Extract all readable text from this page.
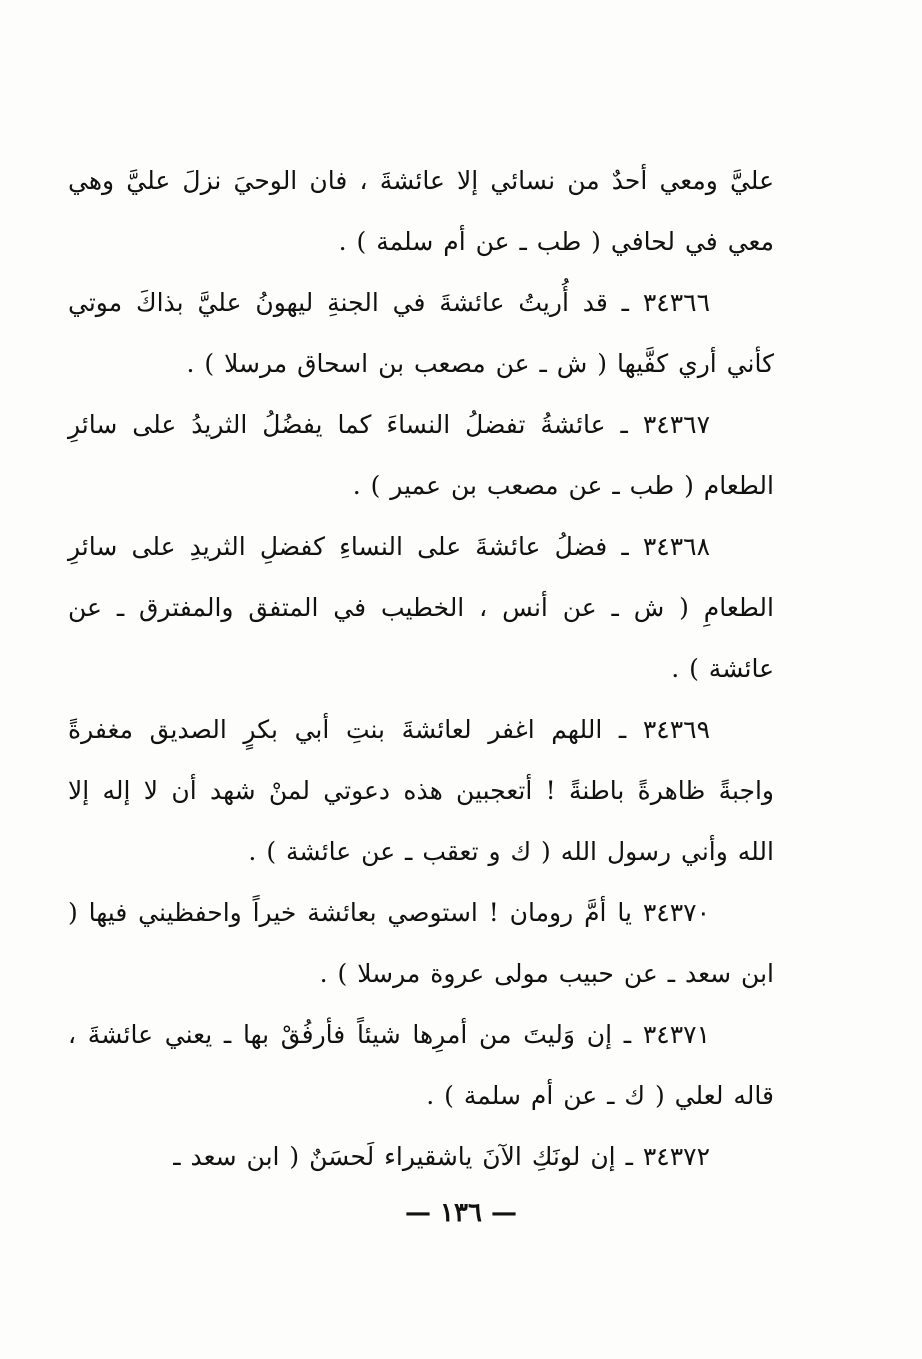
عليَّ ومعي أحدٌ من نسائي إلا عائشةَ ، فان الوحيَ نزلَ عليَّ وهي معي في لحافي ( طب ـ عن أم سلمة ) .

٣٤٣٦٦ ـ قد أُريتُ عائشةَ في الجنةِ ليهونُ عليَّ بذاكَ موتي كأني أري كفَّيها ( ش ـ عن مصعب بن اسحاق مرسلا ) .

٣٤٣٦٧ ـ عائشةُ تفضلُ النساءَ كما يفضُلُ الثريدُ على سائرِ الطعام ( طب ـ عن مصعب بن عمير ) .

٣٤٣٦٨ ـ فضلُ عائشةَ على النساءِ كفضلِ الثريدِ على سائرِ الطعامِ ( ش ـ عن أنس ، الخطيب في المتفق والمفترق ـ عن عائشة ) .

٣٤٣٦٩ ـ اللهم اغفر لعائشةَ بنتِ أبي بكرٍ الصديق مغفرةً واجبةً ظاهرةً باطنةً ! أتعجبين هذه دعوتي لمنْ شهد أن لا إله إلا الله وأني رسول الله ( ك و تعقب ـ عن عائشة ) .

٣٤٣٧٠ يا أمَّ رومان ! استوصي بعائشة خيراً واحفظيني فيها ( ابن سعد ـ عن حبيب مولى عروة مرسلا ) .

٣٤٣٧١ ـ إن وَليتَ من أمرِها شيئاً فأرفُقْ بها ـ يعني عائشةَ ، قاله لعلي ( ك ـ عن أم سلمة ) .

٣٤٣٧٢ ـ إن لونَكِ الآنَ ياشقيراء لَحسَنٌ ( ابن سعد ـ

— ١٣٦ —
